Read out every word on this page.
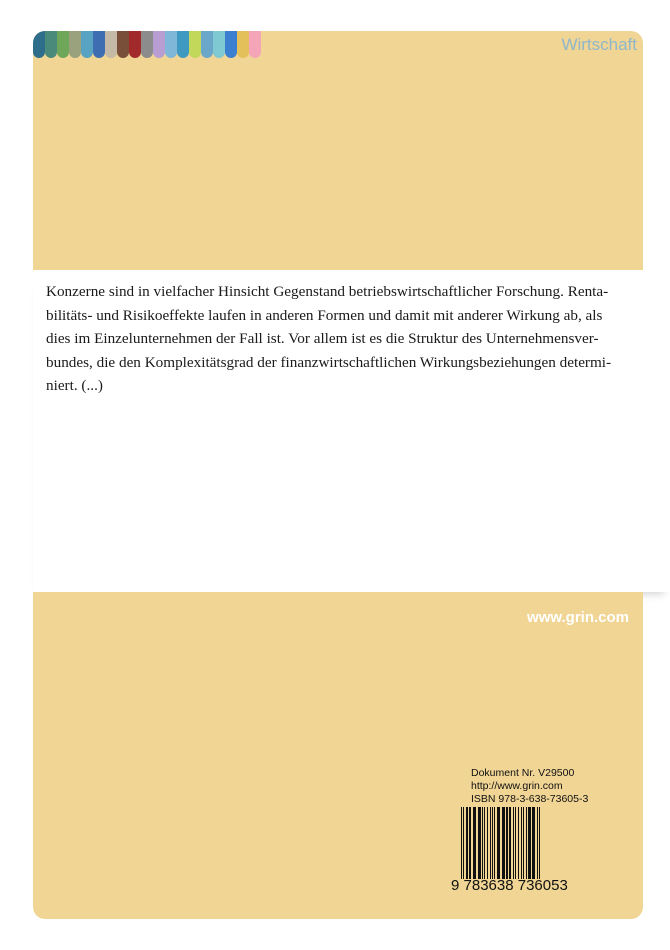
Wirtschaft

Konzerne sind in vielfacher Hinsicht Gegenstand betriebswirtschaftlicher Forschung. Renta-bilitäts- und Risikoeffekte laufen in anderen Formen und damit mit anderer Wirkung ab, als dies im Einzelunternehmen der Fall ist. Vor allem ist es die Struktur des Unternehmensver-bundes, die den Komplexitätsgrad der finanzwirtschaftlichen Wirkungsbeziehungen determi-niert. (...)

www.grin.com
Dokument Nr. V29500
http://www.grin.com
ISBN 978-3-638-73605-3
9 783638 736053
